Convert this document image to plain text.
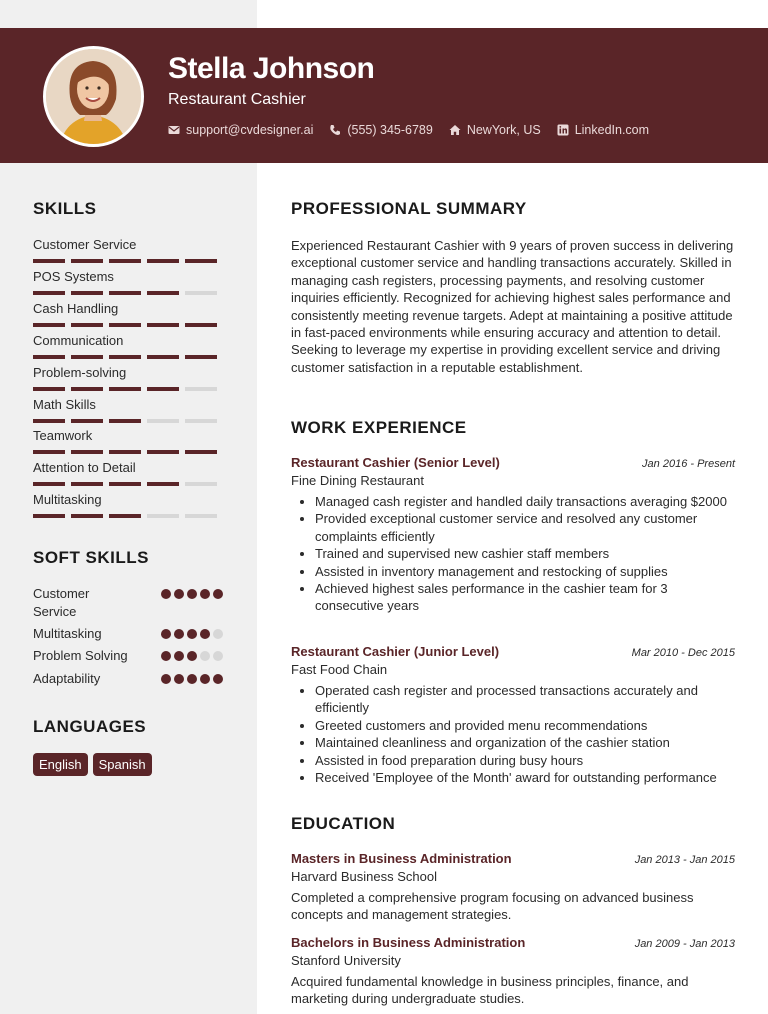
Stella Johnson
Restaurant Cashier
support@cvdesigner.ai	(555) 345-6789	NewYork, US	LinkedIn.com
SKILLS
Customer Service
POS Systems
Cash Handling
Communication
Problem-solving
Math Skills
Teamwork
Attention to Detail
Multitasking
SOFT SKILLS
Customer Service
Multitasking
Problem Solving
Adaptability
LANGUAGES
English	Spanish
PROFESSIONAL SUMMARY
Experienced Restaurant Cashier with 9 years of proven success in delivering exceptional customer service and handling transactions accurately. Skilled in managing cash registers, processing payments, and resolving customer inquiries efficiently. Recognized for achieving highest sales performance and consistently meeting revenue targets. Adept at maintaining a positive attitude in fast-paced environments while ensuring accuracy and attention to detail. Seeking to leverage my expertise in providing excellent service and driving customer satisfaction in a reputable establishment.
WORK EXPERIENCE
Restaurant Cashier (Senior Level)	Jan 2016 - Present
Fine Dining Restaurant
• Managed cash register and handled daily transactions averaging $2000
• Provided exceptional customer service and resolved any customer complaints efficiently
• Trained and supervised new cashier staff members
• Assisted in inventory management and restocking of supplies
• Achieved highest sales performance in the cashier team for 3 consecutive years
Restaurant Cashier (Junior Level)	Mar 2010 - Dec 2015
Fast Food Chain
• Operated cash register and processed transactions accurately and efficiently
• Greeted customers and provided menu recommendations
• Maintained cleanliness and organization of the cashier station
• Assisted in food preparation during busy hours
• Received 'Employee of the Month' award for outstanding performance
EDUCATION
Masters in Business Administration	Jan 2013 - Jan 2015
Harvard Business School
Completed a comprehensive program focusing on advanced business concepts and management strategies.
Bachelors in Business Administration	Jan 2009 - Jan 2013
Stanford University
Acquired fundamental knowledge in business principles, finance, and marketing during undergraduate studies.
